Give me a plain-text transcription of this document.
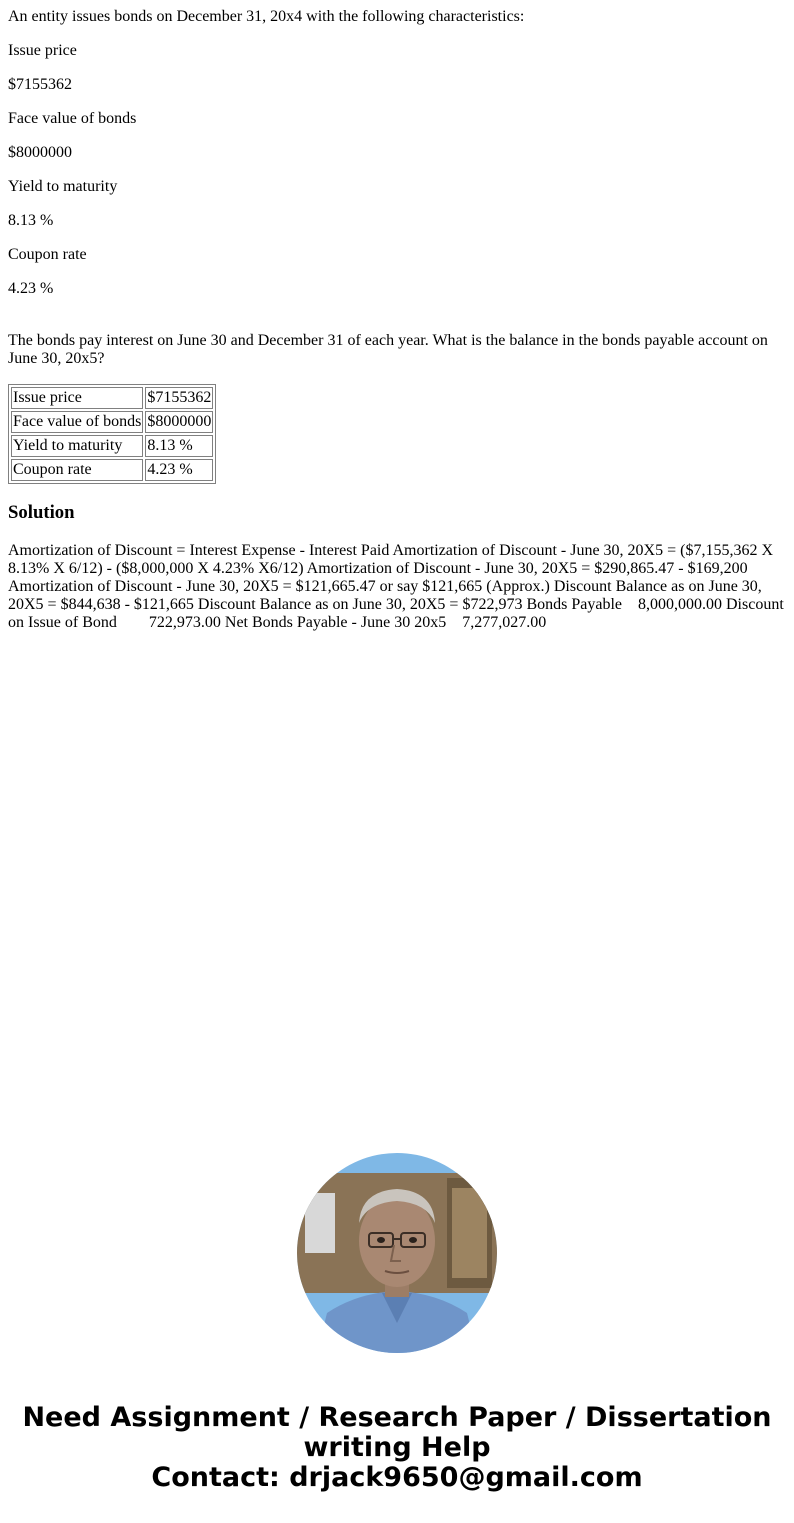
An entity issues bonds on December 31, 20x4 with the following characteristics:

Issue price

$7155362

Face value of bonds

$8000000

Yield to maturity

8.13 %

Coupon rate

4.23 %

The bonds pay interest on June 30 and December 31 of each year. What is the balance in the bonds payable account on June 30, 20x5?

Issue price	$7155362
Face value of bonds	$8000000
Yield to maturity	8.13 %
Coupon rate	4.23 %
Solution

Amortization of Discount = Interest Expense - Interest Paid Amortization of Discount - June 30, 20X5 = ($7,155,362 X 8.13% X 6/12) - ($8,000,000 X 4.23% X6/12) Amortization of Discount - June 30, 20X5 = $290,865.47 - $169,200 Amortization of Discount - June 30, 20X5 = $121,665.47 or say $121,665 (Approx.) Discount Balance as on June 30, 20X5 = $844,638 - $121,665 Discount Balance as on June 30, 20X5 = $722,973 Bonds Payable    8,000,000.00 Discount on Issue of Bond        722,973.00 Net Bonds Payable - June 30 20x5    7,277,027.00

Need Assignment / Research Paper / Dissertation
writing Help
Contact: drjack9650@gmail.com
